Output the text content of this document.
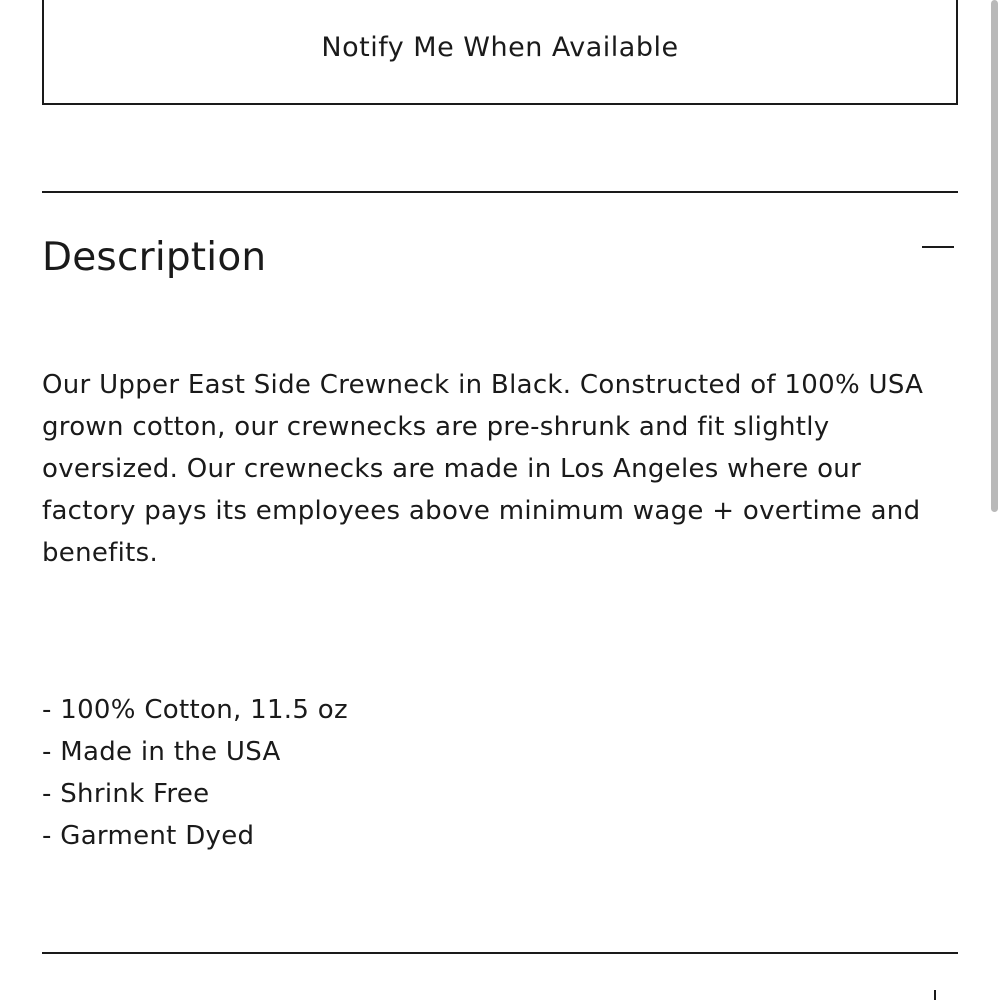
Notify Me When Available
Description

Our Upper East Side Crewneck in Black. Constructed of 100% USA grown cotton, our crewnecks are pre-shrunk and fit slightly oversized. Our crewnecks are made in Los Angeles where our factory pays its employees above minimum wage + overtime and benefits.

- 100% Cotton, 11.5 oz
- Made in the USA
- Shrink Free
- Garment Dyed
